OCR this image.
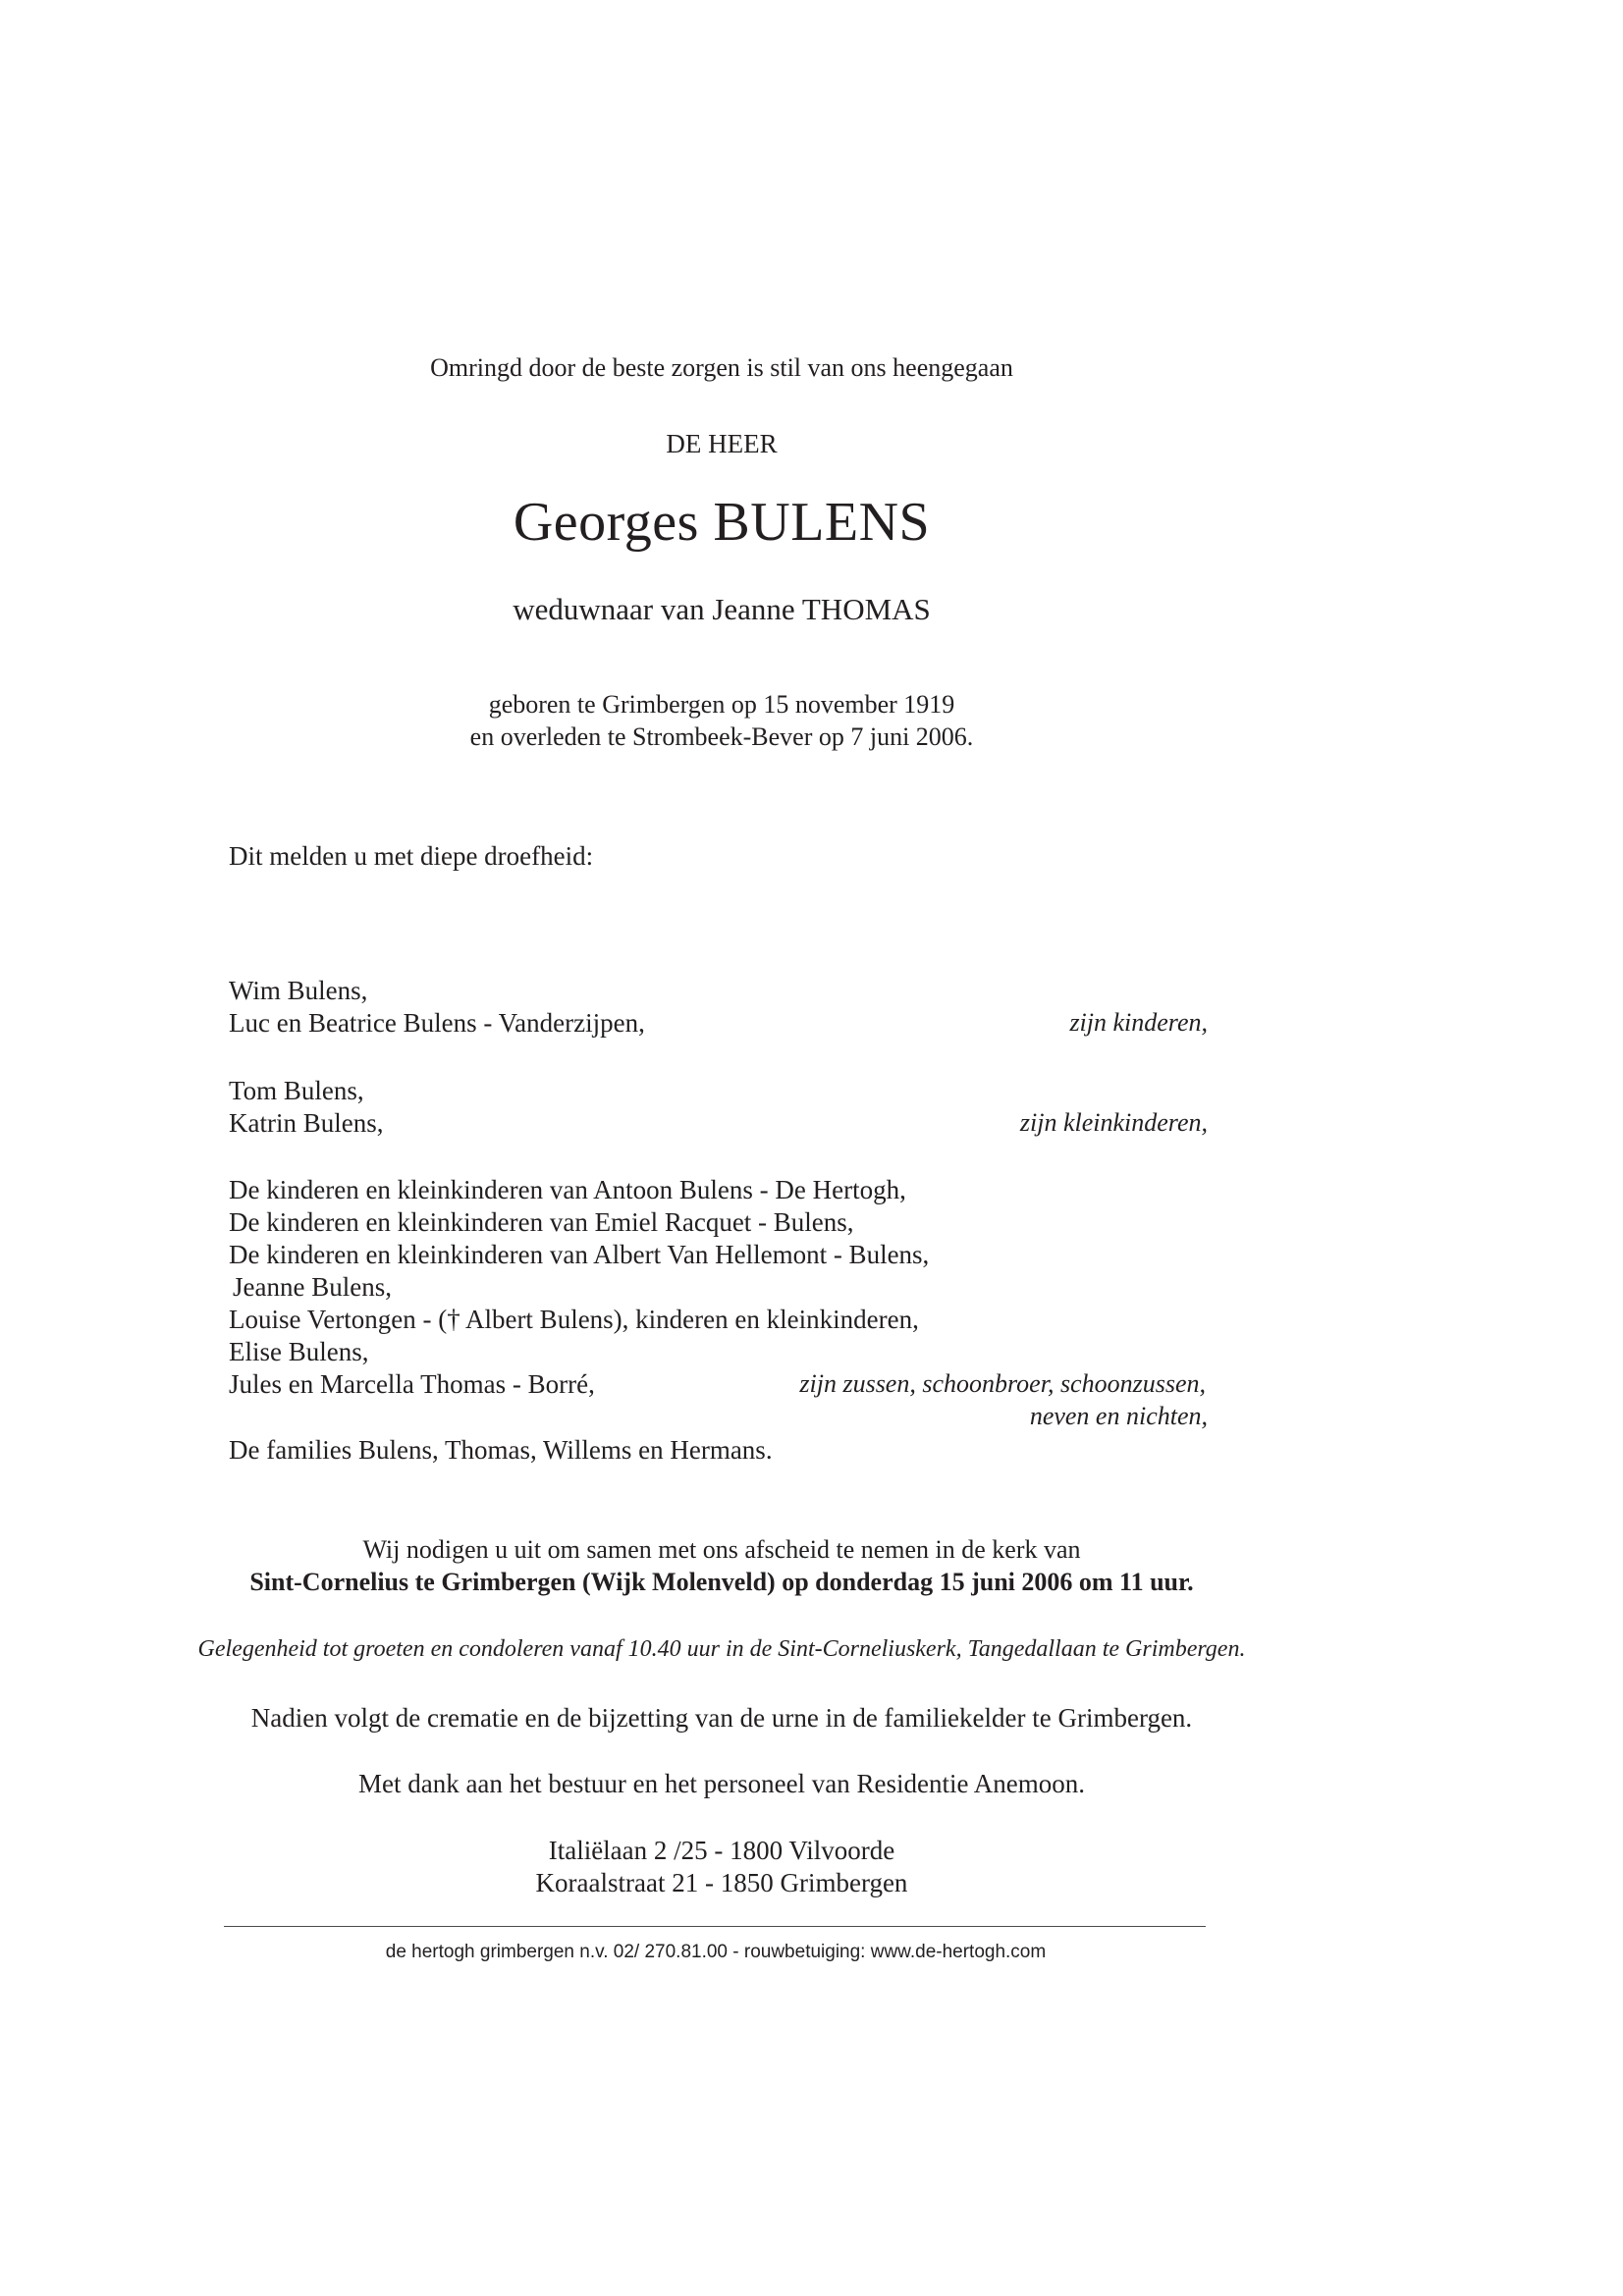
Omringd door de beste zorgen is stil van ons heengegaan
DE HEER
Georges BULENS
weduwnaar van Jeanne THOMAS
geboren te Grimbergen op 15 november 1919
en overleden te Strombeek-Bever op 7 juni 2006.
Dit melden u met diepe droefheid:
Wim Bulens,
Luc en Beatrice Bulens - Vanderzijpen,	zijn kinderen,
Tom Bulens,
Katrin Bulens,	zijn kleinkinderen,
De kinderen en kleinkinderen van Antoon Bulens - De Hertogh,
De kinderen en kleinkinderen van Emiel Racquet - Bulens,
De kinderen en kleinkinderen van Albert Van Hellemont - Bulens,
Jeanne Bulens,
Louise Vertongen - († Albert Bulens), kinderen en kleinkinderen,
Elise Bulens,
Jules en Marcella Thomas - Borré,	zijn zussen, schoonbroer, schoonzussen,
neven en nichten,
De families Bulens, Thomas, Willems en Hermans.
Wij nodigen u uit om samen met ons afscheid te nemen in de kerk van
Sint-Cornelius te Grimbergen (Wijk Molenveld) op donderdag 15 juni 2006 om 11 uur.
Gelegenheid tot groeten en condoleren vanaf 10.40 uur in de Sint-Corneliuskerk, Tangedallaan te Grimbergen.
Nadien volgt de crematie en de bijzetting van de urne in de familiekelder te Grimbergen.
Met dank aan het bestuur en het personeel van Residentie Anemoon.
Italiëlaan 2 /25 - 1800 Vilvoorde
Koraalstraat 21 - 1850 Grimbergen
de hertogh grimbergen n.v. 02/ 270.81.00 - rouwbetuiging: www.de-hertogh.com
